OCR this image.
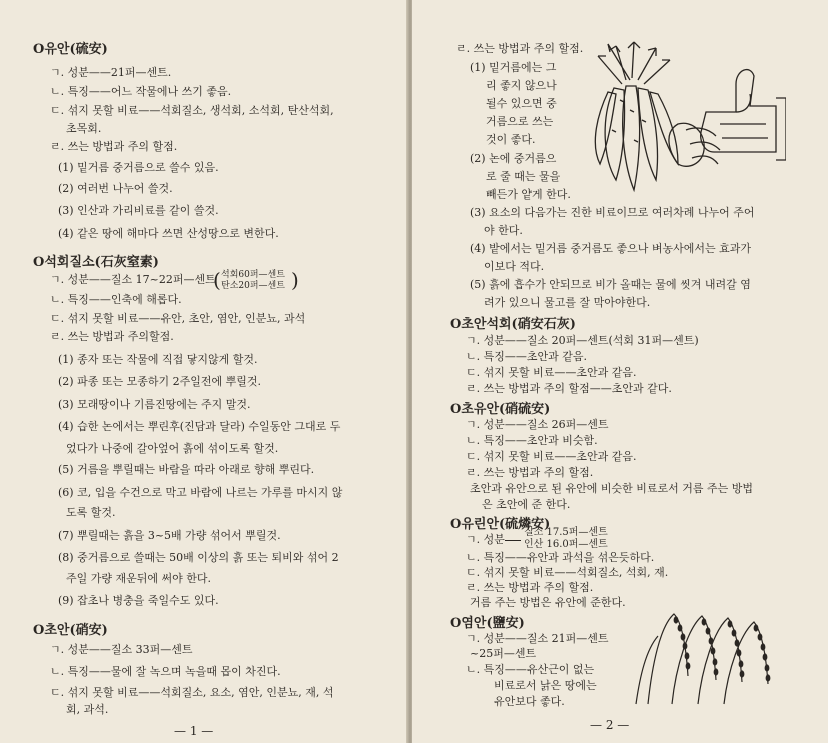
O유안(硫安)
ㄱ. 성분——21퍼—센트.
ㄴ. 특징——어느 작물에나 쓰기 좋음.
ㄷ. 섞지 못할 비료——석회질소, 생석회, 소석회, 탄산석회,
초목회.
ㄹ. 쓰는 방법과 주의 할점.
(1) 밑거름 중거름으로 쓸수 있음.
(2) 여러번 나누어 쓸것.
(3) 인산과 가리비료를 같이 쓸것.
(4) 같은 땅에 해마다 쓰면 산성땅으로 변한다.
O석회질소(石灰窒素)
ㄱ. 성분——질소 17~22퍼—센트
( 석회60퍼—센트
탄소20퍼—센트 )
ㄴ. 특징——인축에 해롭다.
ㄷ. 섞지 못할 비료——유안, 초안, 염안, 인분뇨, 과석
ㄹ. 쓰는 방법과 주의할점.
(1) 종자 또는 작물에 직접 닿지않게 할것.
(2) 파종 또는 모종하기 2주일전에 뿌릴것.
(3) 모래땅이나 기름진땅에는 주지 말것.
(4) 습한 논에서는 뿌린후(진담과 달라) 수일동안 그대로 두
었다가 나중에 갈아엎어 흙에 섞이도록 할것.
(5) 거름을 뿌릴때는 바람을 따라 아래로 향해 뿌린다.
(6) 코, 입을 수건으로 막고 바람에 나르는 가루를 마시지 않
도록 할것.
(7) 뿌릴때는 흙을 3~5배 가량 섞어서 뿌릴것.
(8) 중거름으로 쓸때는 50배 이상의 흙 또는 퇴비와 섞어 2
주일 가량 재운뒤에 써야 한다.
(9) 잡초나 병충을 죽일수도 있다.
O초안(硝安)
ㄱ. 성분——질소 33퍼—센트
ㄴ. 특징——물에 잘 녹으며 녹을때 몹이 차진다.
ㄷ. 섞지 못할 비료——석회질소, 요소, 염안, 인분뇨, 재, 석
회, 과석.
— 1 —
ㄹ. 쓰는 방법과 주의 할점.
(1) 밑거름에는 그
리 좋지 않으나
될수 있으면 중
거름으로 쓰는
것이 좋다.
(2) 논에 중거름으
로 줄 때는 물을
빼든가 얕게 한다.
(3) 요소의 다음가는 진한 비료이므로 여러차례 나누어 주어
야 한다.
(4) 밭에서는 밑거름 중거름도 좋으나 벼농사에서는 효과가
이보다 적다.
(5) 흙에 흡수가 안되므로 비가 올때는 물에 씻겨 내려갈 염
려가 있으니 물고를 잘 막아야한다.
O초안석회(硝安石灰)
ㄱ. 성분——질소 20퍼—센트(석회 31퍼—센트)
ㄴ. 특징——초안과 같음.
ㄷ. 섞지 못할 비료——초안과 같음.
ㄹ. 쓰는 방법과 주의 할점——초안과 같다.
O초유안(硝硫安)
ㄱ. 성분——질소 26퍼—센트
ㄴ. 특징——초안과 비슷함.
ㄷ. 섞지 못할 비료——초안과 같음.
ㄹ. 쓰는 방법과 주의 할점.
초안과 유안으로 된 유안에 비슷한 비료로서 거름 주는 방법
은 초안에 준 한다.
O유린안(硫燐安)
ㄱ. 성분
질소 17.5퍼—센트
인산 16.0퍼—센트
ㄴ. 특징——유안과 과석을 섞은듯하다.
ㄷ. 섞지 못할 비료——석회질소, 석회, 재.
ㄹ. 쓰는 방법과 주의 할점.
거름 주는 방법은 유안에 준한다.
O염안(鹽安)
ㄱ. 성분——질소 21퍼—센트
~25퍼—센트
ㄴ. 특징——유산근이 없는
비료로서 낡은 땅에는
유안보다 좋다.
— 2 —
